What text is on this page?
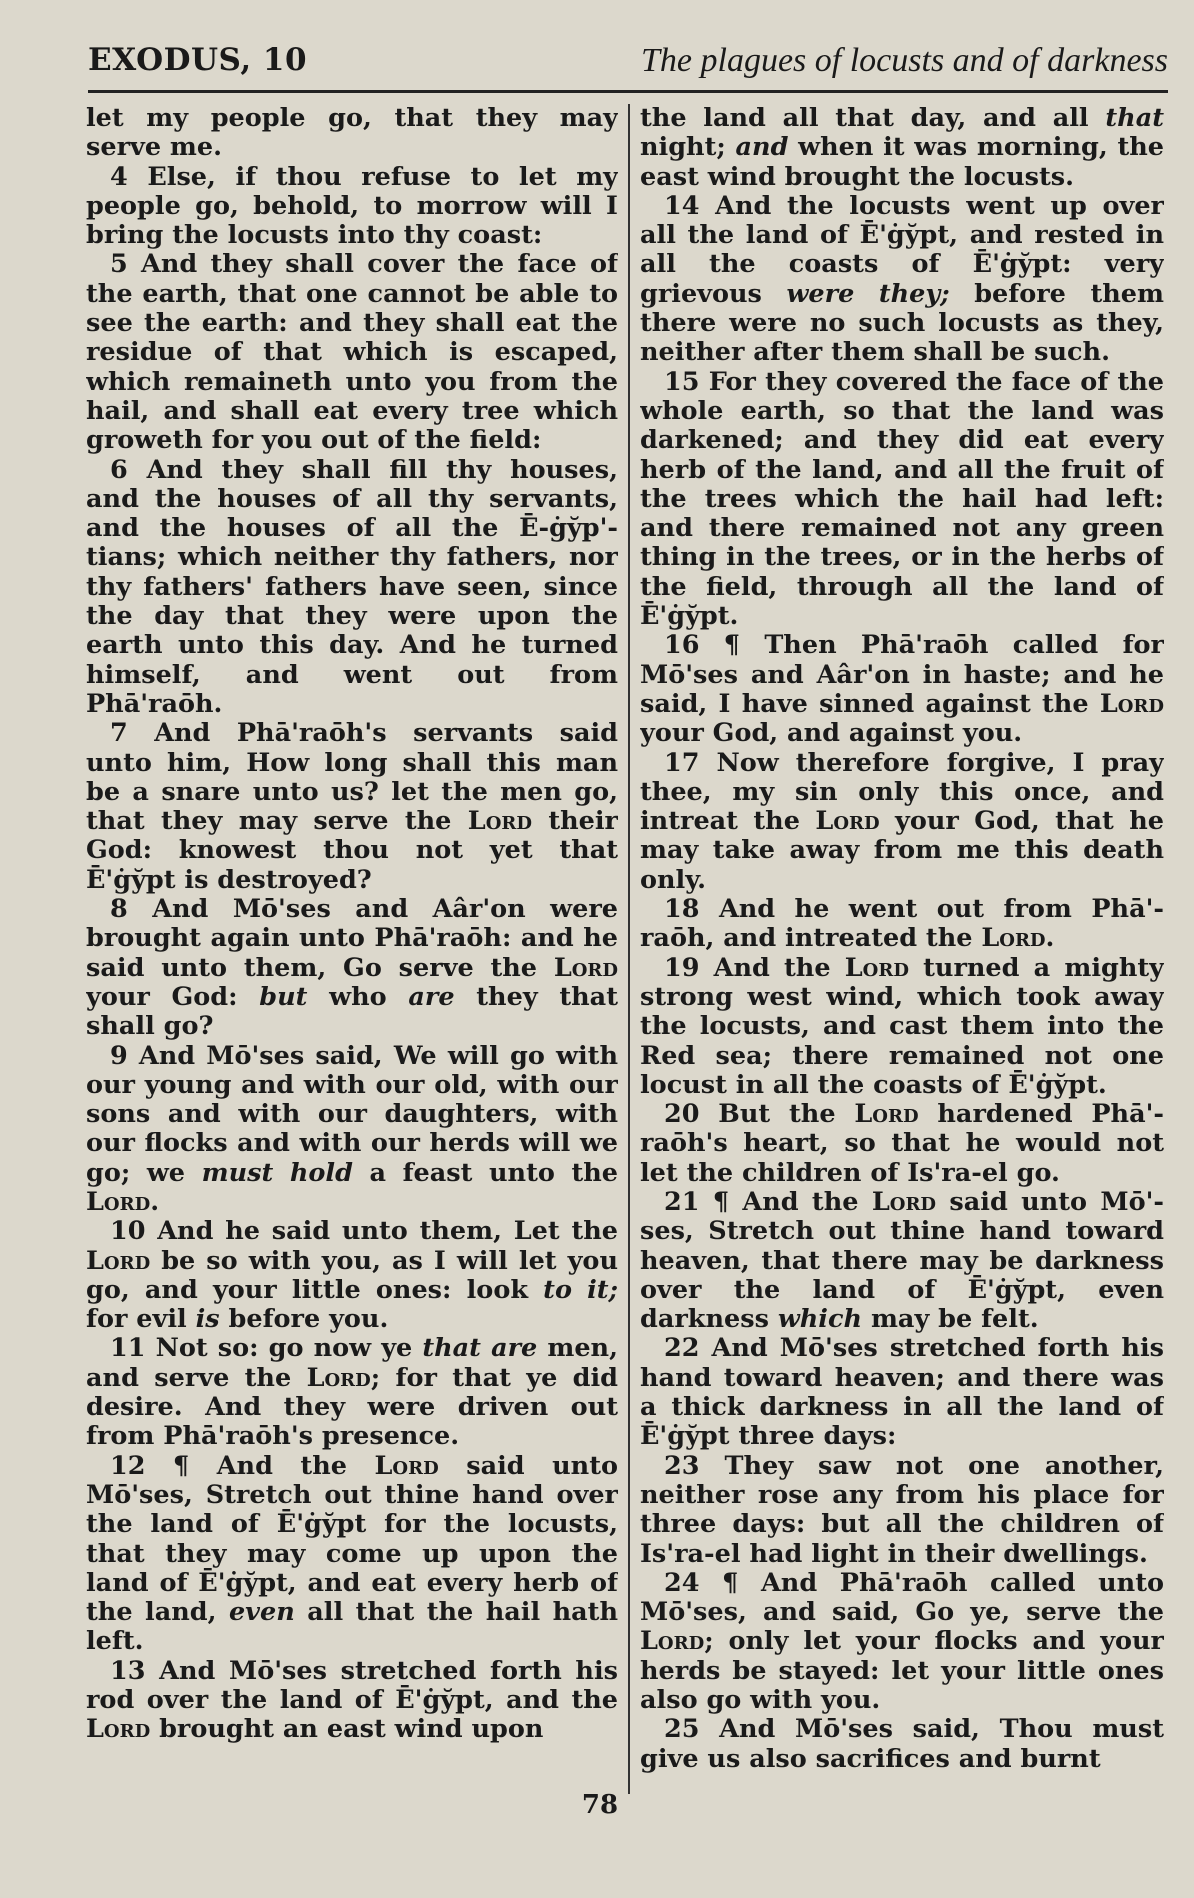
EXODUS, 10	The plagues of locusts and of darkness

let my people go, that they may serve me.

4 Else, if thou refuse to let my people go, behold, to morrow will I bring the locusts into thy coast:

5 And they shall cover the face of the earth, that one cannot be able to see the earth: and they shall eat the residue of that which is escaped, which remaineth unto you from the hail, and shall eat every tree which groweth for you out of the field:

6 And they shall fill thy houses, and the houses of all thy servants, and the houses of all the Ē-ġy̆p'-tians; which neither thy fathers, nor thy fathers' fathers have seen, since the day that they were upon the earth unto this day. And he turned himself, and went out from Phā'raōh.

7 And Phā'raōh's servants said unto him, How long shall this man be a snare unto us? let the men go, that they may serve the Lord their God: knowest thou not yet that Ē'ġy̆pt is destroyed?

8 And Mō'ses and Aâr'on were brought again unto Phā'raōh: and he said unto them, Go serve the Lord your God: but who are they that shall go?

9 And Mō'ses said, We will go with our young and with our old, with our sons and with our daughters, with our flocks and with our herds will we go; we must hold a feast unto the Lord.

10 And he said unto them, Let the Lord be so with you, as I will let you go, and your little ones: look to it; for evil is before you.

11 Not so: go now ye that are men, and serve the Lord; for that ye did desire. And they were driven out from Phā'raōh's presence.

12 ¶ And the Lord said unto Mō'ses, Stretch out thine hand over the land of Ē'ġy̆pt for the locusts, that they may come up upon the land of Ē'ġy̆pt, and eat every herb of the land, even all that the hail hath left.

13 And Mō'ses stretched forth his rod over the land of Ē'ġy̆pt, and the Lord brought an east wind upon

the land all that day, and all that night; and when it was morning, the east wind brought the locusts.

14 And the locusts went up over all the land of Ē'ġy̆pt, and rested in all the coasts of Ē'ġy̆pt: very grievous were they; before them there were no such locusts as they, neither after them shall be such.

15 For they covered the face of the whole earth, so that the land was darkened; and they did eat every herb of the land, and all the fruit of the trees which the hail had left: and there remained not any green thing in the trees, or in the herbs of the field, through all the land of Ē'ġy̆pt.

16 ¶ Then Phā'raōh called for Mō'ses and Aâr'on in haste; and he said, I have sinned against the Lord your God, and against you.

17 Now therefore forgive, I pray thee, my sin only this once, and intreat the Lord your God, that he may take away from me this death only.

18 And he went out from Phā'-raōh, and intreated the Lord.

19 And the Lord turned a mighty strong west wind, which took away the locusts, and cast them into the Red sea; there remained not one locust in all the coasts of Ē'ġy̆pt.

20 But the Lord hardened Phā'-raōh's heart, so that he would not let the children of Is'ra-el go.

21 ¶ And the Lord said unto Mō'-ses, Stretch out thine hand toward heaven, that there may be darkness over the land of Ē'ġy̆pt, even darkness which may be felt.

22 And Mō'ses stretched forth his hand toward heaven; and there was a thick darkness in all the land of Ē'ġy̆pt three days:

23 They saw not one another, neither rose any from his place for three days: but all the children of Is'ra-el had light in their dwellings.

24 ¶ And Phā'raōh called unto Mō'ses, and said, Go ye, serve the Lord; only let your flocks and your herds be stayed: let your little ones also go with you.

25 And Mō'ses said, Thou must give us also sacrifices and burnt

78
